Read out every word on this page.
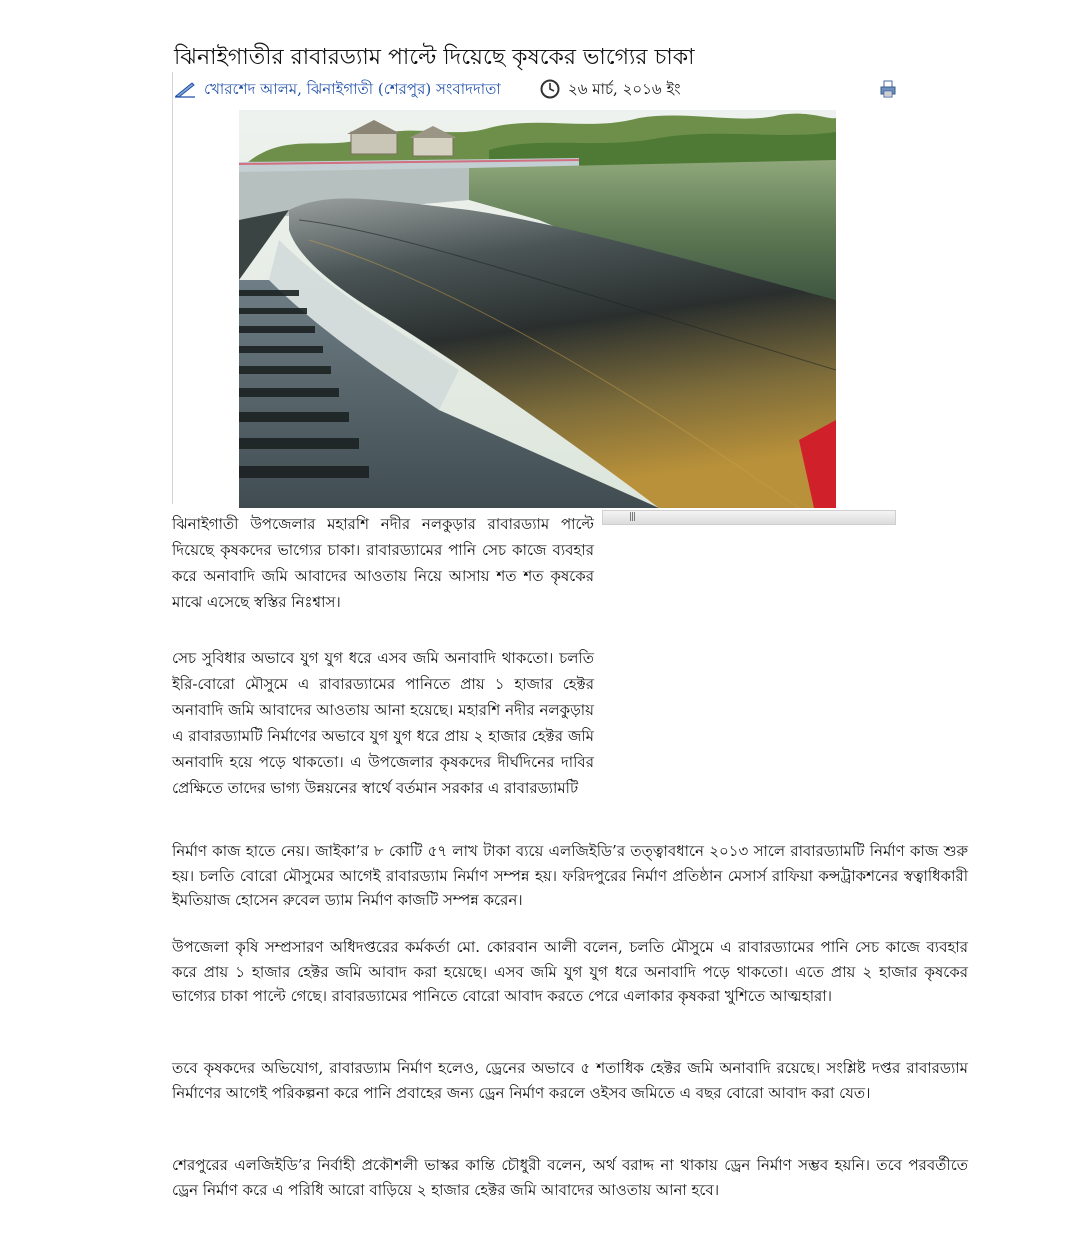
ঝিনাইগাতীর রাবারড্যাম পাল্টে দিয়েছে কৃষকের ভাগ্যের চাকা
খোরশেদ আলম, ঝিনাইগাতী (শেরপুর) সংবাদদাতা	২৬ মার্চ, ২০১৬ ইং
|||

ঝিনাইগাতী উপজেলার মহারশি নদীর নলকুড়ার রাবারড্যাম পাল্টে দিয়েছে কৃষকদের ভাগ্যের চাকা। রাবারড্যামের পানি সেচ কাজে ব্যবহার করে অনাবাদি জমি আবাদের আওতায় নিয়ে আসায় শত শত কৃষকের মাঝে এসেছে স্বস্তির নিঃশ্বাস।

সেচ সুবিধার অভাবে যুগ যুগ ধরে এসব জমি অনাবাদি থাকতো। চলতি ইরি-বোরো মৌসুমে এ রাবারড্যামের পানিতে প্রায় ১ হাজার হেক্টর অনাবাদি জমি আবাদের আওতায় আনা হয়েছে। মহারশি নদীর নলকুড়ায় এ রাবারড্যামটি নির্মাণের অভাবে যুগ যুগ ধরে প্রায় ২ হাজার হেক্টর জমি অনাবাদি হয়ে পড়ে থাকতো। এ উপজেলার কৃষকদের দীর্ঘদিনের দাবির প্রেক্ষিতে তাদের ভাগ্য উন্নয়নের স্বার্থে বর্তমান সরকার এ রাবারড্যামটি

নির্মাণ কাজ হাতে নেয়। জাইকা’র ৮ কোটি ৫৭ লাখ টাকা ব্যয়ে এলজিইডি’র তত্ত্বাবধানে ২০১৩ সালে রাবারড্যামটি নির্মাণ কাজ শুরু হয়। চলতি বোরো মৌসুমের আগেই রাবারড্যাম নির্মাণ সম্পন্ন হয়। ফরিদপুরের নির্মাণ প্রতিষ্ঠান মেসার্স রাফিয়া কন্সট্রাকশনের স্বত্বাধিকারী ইমতিয়াজ হোসেন রুবেল ড্যাম নির্মাণ কাজটি সম্পন্ন করেন।

উপজেলা কৃষি সম্প্রসারণ অধিদপ্তরের কর্মকর্তা মো. কোরবান আলী বলেন, চলতি মৌসুমে এ রাবারড্যামের পানি সেচ কাজে ব্যবহার করে প্রায় ১ হাজার হেক্টর জমি আবাদ করা হয়েছে। এসব জমি যুগ যুগ ধরে অনাবাদি পড়ে থাকতো। এতে প্রায় ২ হাজার কৃষকের ভাগ্যের চাকা পাল্টে গেছে। রাবারড্যামের পানিতে বোরো আবাদ করতে পেরে এলাকার কৃষকরা খুশিতে আত্মহারা।

তবে কৃষকদের অভিযোগ, রাবারড্যাম নির্মাণ হলেও, ড্রেনের অভাবে ৫ শতাধিক হেক্টর জমি অনাবাদি রয়েছে। সংশ্লিষ্ট দপ্তর রাবারড্যাম নির্মাণের আগেই পরিকল্পনা করে পানি প্রবাহের জন্য ড্রেন নির্মাণ করলে ওইসব জমিতে এ বছর বোরো আবাদ করা যেত।

শেরপুরের এলজিইডি’র নির্বাহী প্রকৌশলী ভাস্কর কান্তি চৌধুরী বলেন, অর্থ বরাদ্দ না থাকায় ড্রেন নির্মাণ সম্ভব হয়নি। তবে পরবর্তীতে ড্রেন নির্মাণ করে এ পরিধি আরো বাড়িয়ে ২ হাজার হেক্টর জমি আবাদের আওতায় আনা হবে।
